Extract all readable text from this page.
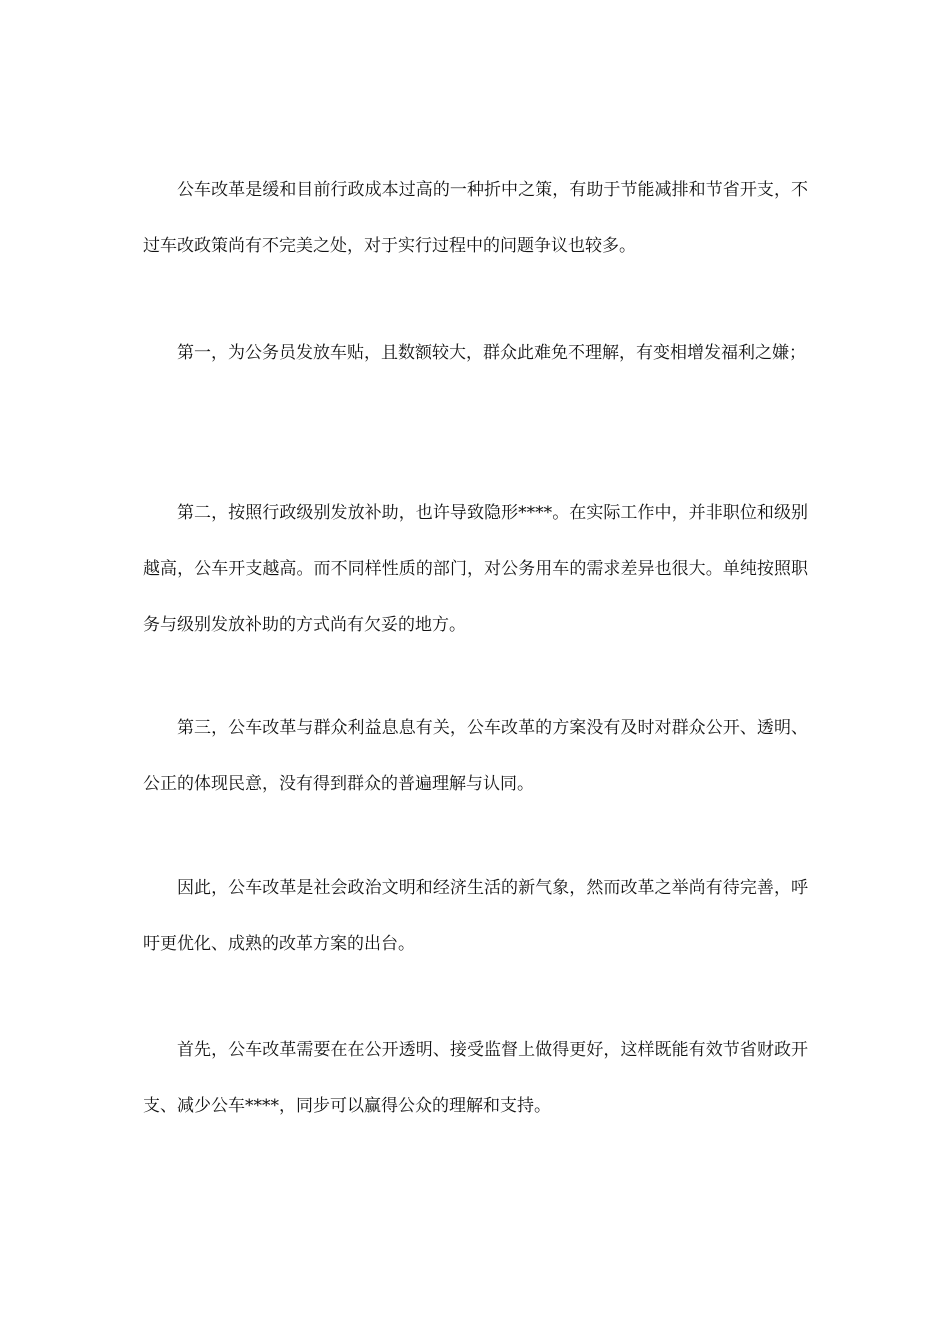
公车改革是缓和目前行政成本过高的一种折中之策，有助于节能减排和节省开支，不过车改政策尚有不完美之处，对于实行过程中的问题争议也较多。

第一，为公务员发放车贴，且数额较大，群众此难免不理解，有变相增发福利之嫌；

第二，按照行政级别发放补助，也许导致隐形****。在实际工作中，并非职位和级别越高，公车开支越高。而不同样性质的部门，对公务用车的需求差异也很大。单纯按照职务与级别发放补助的方式尚有欠妥的地方。

第三，公车改革与群众利益息息有关，公车改革的方案没有及时对群众公开、透明、公正的体现民意，没有得到群众的普遍理解与认同。

因此，公车改革是社会政治文明和经济生活的新气象，然而改革之举尚有待完善，呼吁更优化、成熟的改革方案的出台。

首先，公车改革需要在在公开透明、接受监督上做得更好，这样既能有效节省财政开支、减少公车****，同步可以赢得公众的理解和支持。
